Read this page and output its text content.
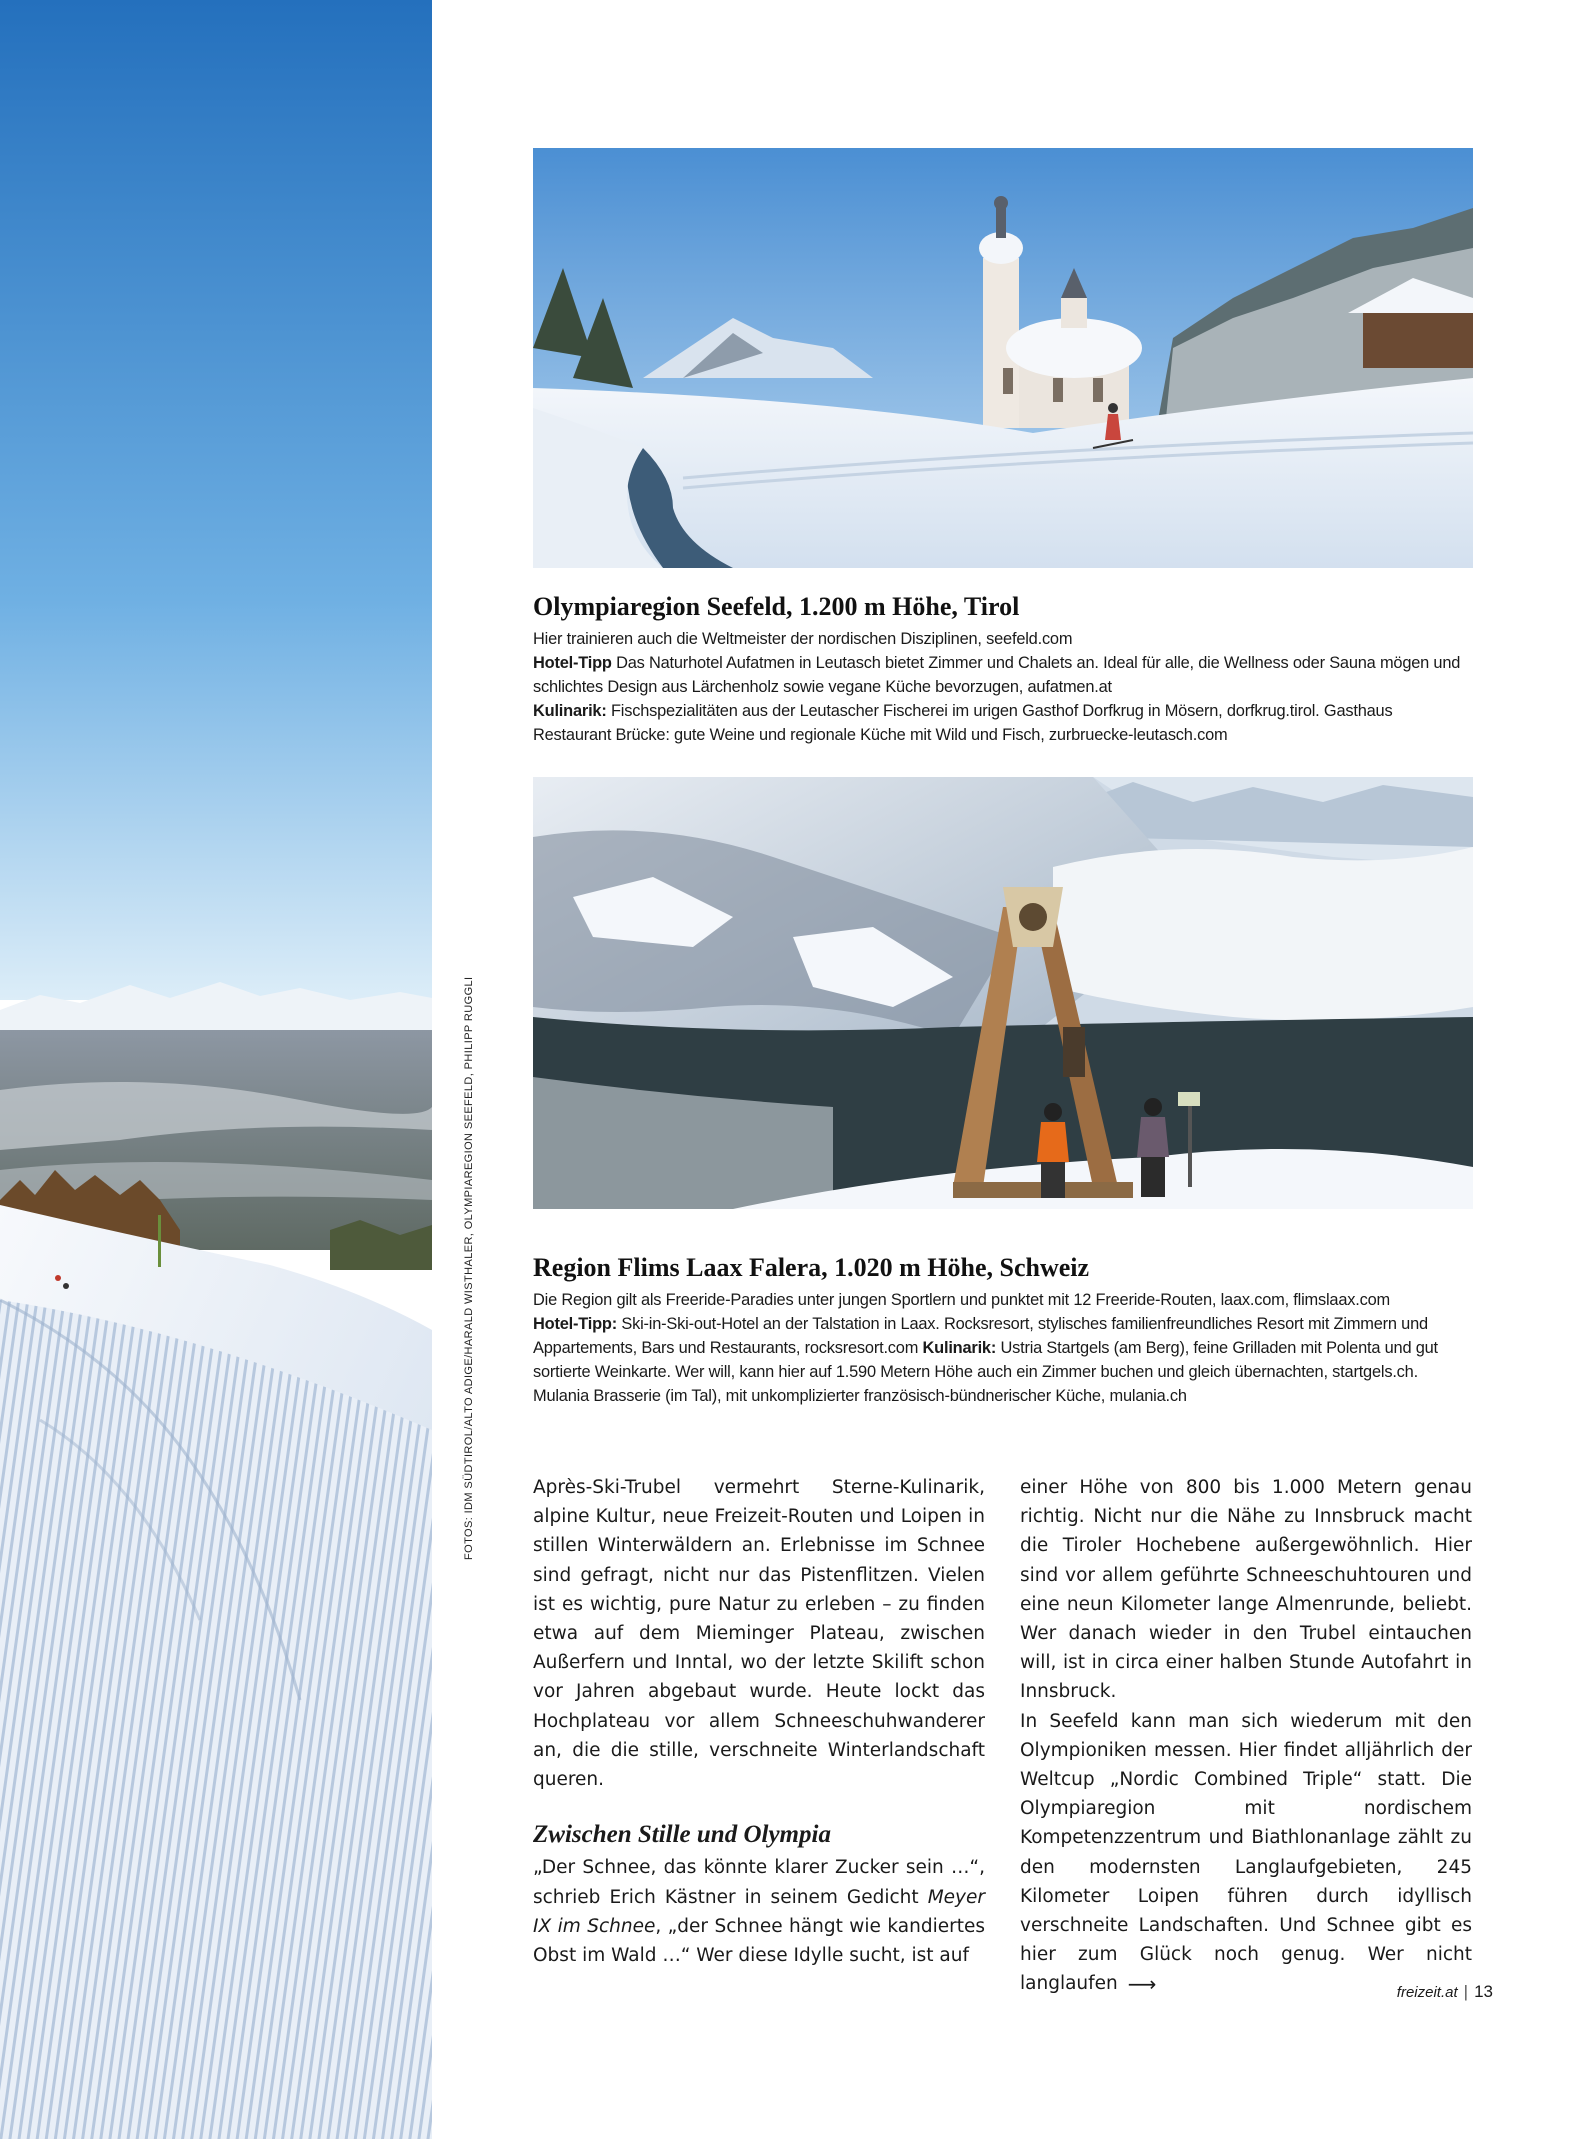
FOTOS: IDM SÜDTIROL/ALTO ADIGE/HARALD WISTHALER, OLYMPIAREGION SEEFELD, PHILIPP RUGGLI
Olympiaregion Seefeld, 1.200 m Höhe, Tirol

Hier trainieren auch die Weltmeister der nordischen Disziplinen, seefeld.com

Hotel-Tipp Das Naturhotel Aufatmen in Leutasch bietet Zimmer und Chalets an. Ideal für alle, die Wellness oder Sauna mögen und schlichtes Design aus Lärchenholz sowie vegane Küche bevorzugen, aufatmen.at

Kulinarik: Fischspezialitäten aus der Leutascher Fischerei im urigen Gasthof Dorfkrug in Mösern, dorfkrug.tirol. Gasthaus Restaurant Brücke: gute Weine und regionale Küche mit Wild und Fisch, zurbruecke-leutasch.com

Region Flims Laax Falera, 1.020 m Höhe, Schweiz

Die Region gilt als Freeride-Paradies unter jungen Sportlern und punktet mit 12 Freeride-Routen, laax.com, flimslaax.com

Hotel-Tipp: Ski-in-Ski-out-Hotel an der Talstation in Laax. Rocksresort, stylisches familienfreundliches Resort mit Zimmern und Appartements, Bars und Restaurants, rocksresort.com Kulinarik: Ustria Startgels (am Berg), feine Grilladen mit Polenta und gut sortierte Weinkarte. Wer will, kann hier auf 1.590 Metern Höhe auch ein Zimmer buchen und gleich übernachten, startgels.ch. Mulania Brasserie (im Tal), mit unkomplizierter französisch-bündnerischer Küche, mulania.ch

Après-Ski-Trubel vermehrt Sterne-Kulinarik, alpine Kultur, neue Freizeit-Routen und Loipen in stillen Winterwäldern an. Erlebnisse im Schnee sind gefragt, nicht nur das Pistenflitzen. Vielen ist es wichtig, pure Natur zu erleben – zu finden etwa auf dem Mieminger Plateau, zwischen Außerfern und Inntal, wo der letzte Skilift schon vor Jahren abgebaut wurde. Heute lockt das Hochplateau vor allem Schneeschuhwanderer an, die die stille, verschneite Winterlandschaft queren.

Zwischen Stille und Olympia

„Der Schnee, das könnte klarer Zucker sein …“, schrieb Erich Kästner in seinem Gedicht Meyer IX im Schnee, „der Schnee hängt wie kandiertes Obst im Wald …“ Wer diese Idylle sucht, ist auf

einer Höhe von 800 bis 1.000 Metern genau richtig. Nicht nur die Nähe zu Innsbruck macht die Tiroler Hochebene außergewöhnlich. Hier sind vor allem geführte Schneeschuhtouren und eine neun Kilometer lange Almenrunde, beliebt. Wer danach wieder in den Trubel eintauchen will, ist in circa einer halben Stunde Autofahrt in Innsbruck.

In Seefeld kann man sich wiederum mit den Olympioniken messen. Hier findet alljährlich der Weltcup „Nordic Combined Triple“ statt. Die Olympiaregion mit nordischem Kompetenzzentrum und Biathlonanlage zählt zu den modernsten Langlaufgebieten, 245 Kilometer Loipen führen durch idyllisch verschneite Landschaften. Und Schnee gibt es hier zum Glück noch genug. Wer nicht langlaufen ⟶	freizeit.at | 13
